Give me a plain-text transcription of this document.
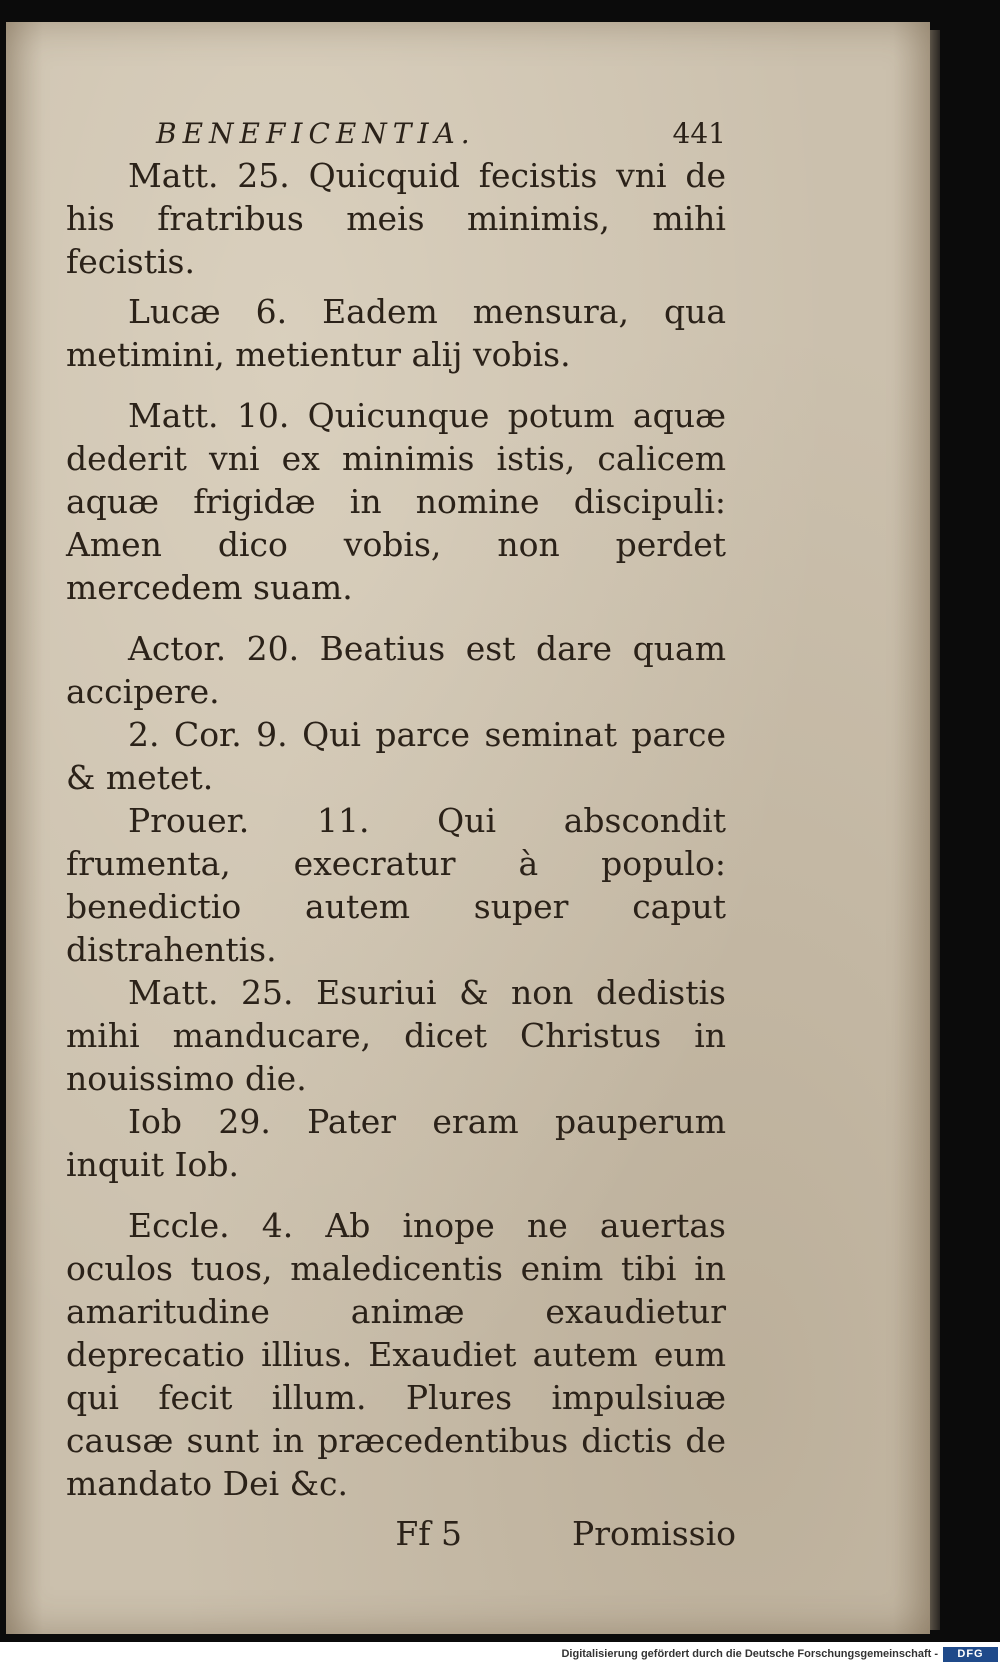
BENEFICENTIA.	441

Matt. 25. Quicquid fecistis vni de his fratribus meis minimis, mihi fecistis.

Lucæ 6. Eadem mensura, qua metimini, metientur alij vobis.

Matt. 10. Quicunque potum aquæ dederit vni ex minimis istis, calicem aquæ frigidæ in nomine discipuli: Amen dico vobis, non perdet mercedem suam.

Actor. 20. Beatius est dare quam accipere.

2. Cor. 9. Qui parce seminat parce & metet.

Prouer. 11. Qui abscondit frumenta, execratur à populo: benedictio autem super caput distrahentis.

Matt. 25. Esuriui & non dedistis mihi manducare, dicet Christus in nouissimo die.

Iob 29. Pater eram pauperum inquit Iob.

Eccle. 4. Ab inope ne auertas oculos tuos, maledicentis enim tibi in amaritudine animæ exaudietur deprecatio illius. Exaudiet autem eum qui fecit illum. Plures impulsiuæ causæ sunt in præcedentibus dictis de mandato Dei &c.

Ff 5	Promissio
Digitalisierung gefördert durch die Deutsche Forschungsgemeinschaft -	DFG
